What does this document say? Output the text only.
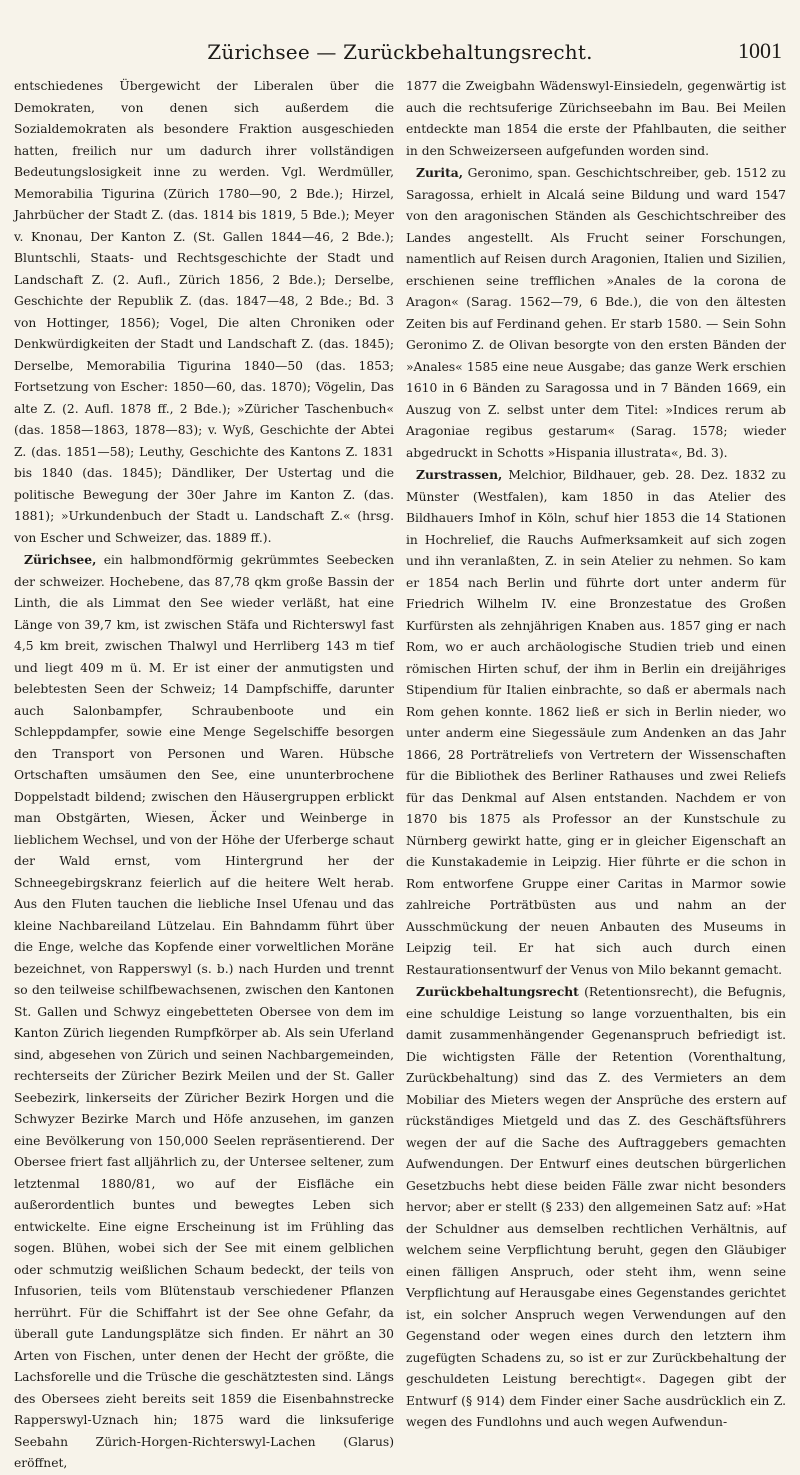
Zürichsee — Zurückbehaltungsrecht.	1001

entschiedenes Übergewicht der Liberalen über die Demokraten, von denen sich außerdem die Sozialdemokraten als besondere Fraktion ausgeschieden hatten, freilich nur um dadurch ihrer vollständigen Bedeutungslosigkeit inne zu werden. Vgl. Werdmüller, Memorabilia Tigurina (Zürich 1780—90, 2 Bde.); Hirzel, Jahrbücher der Stadt Z. (das. 1814 bis 1819, 5 Bde.); Meyer v. Knonau, Der Kanton Z. (St. Gallen 1844—46, 2 Bde.); Bluntschli, Staats- und Rechtsgeschichte der Stadt und Landschaft Z. (2. Aufl., Zürich 1856, 2 Bde.); Derselbe, Geschichte der Republik Z. (das. 1847—48, 2 Bde.; Bd. 3 von Hottinger, 1856); Vogel, Die alten Chroniken oder Denkwürdigkeiten der Stadt und Landschaft Z. (das. 1845); Derselbe, Memorabilia Tigurina 1840—50 (das. 1853; Fortsetzung von Escher: 1850—60, das. 1870); Vögelin, Das alte Z. (2. Aufl. 1878 ff., 2 Bde.); »Züricher Taschenbuch« (das. 1858—1863, 1878—83); v. Wyß, Geschichte der Abtei Z. (das. 1851—58); Leuthy, Geschichte des Kantons Z. 1831 bis 1840 (das. 1845); Dändliker, Der Ustertag und die politische Bewegung der 30er Jahre im Kanton Z. (das. 1881); »Urkundenbuch der Stadt u. Landschaft Z.« (hrsg. von Escher und Schweizer, das. 1889 ff.).

Zürichsee, ein halbmondförmig gekrümmtes Seebecken der schweizer. Hochebene, das 87,78 qkm große Bassin der Linth, die als Limmat den See wieder verläßt, hat eine Länge von 39,7 km, ist zwischen Stäfa und Richterswyl fast 4,5 km breit, zwischen Thalwyl und Herrliberg 143 m tief und liegt 409 m ü. M. Er ist einer der anmutigsten und belebtesten Seen der Schweiz; 14 Dampfschiffe, darunter auch Salonbampfer, Schraubenboote und ein Schleppdampfer, sowie eine Menge Segelschiffe besorgen den Transport von Personen und Waren. Hübsche Ortschaften umsäumen den See, eine ununterbrochene Doppelstadt bildend; zwischen den Häusergruppen erblickt man Obstgärten, Wiesen, Äcker und Weinberge in lieblichem Wechsel, und von der Höhe der Uferberge schaut der Wald ernst, vom Hintergrund her der Schneegebirgskranz feierlich auf die heitere Welt herab. Aus den Fluten tauchen die liebliche Insel Ufenau und das kleine Nachbareiland Lützelau. Ein Bahndamm führt über die Enge, welche das Kopfende einer vorweltlichen Moräne bezeichnet, von Rapperswyl (s. b.) nach Hurden und trennt so den teilweise schilfbewachsenen, zwischen den Kantonen St. Gallen und Schwyz eingebetteten Obersee von dem im Kanton Zürich liegenden Rumpfkörper ab. Als sein Uferland sind, abgesehen von Zürich und seinen Nachbargemeinden, rechterseits der Züricher Bezirk Meilen und der St. Galler Seebezirk, linkerseits der Züricher Bezirk Horgen und die Schwyzer Bezirke March und Höfe anzusehen, im ganzen eine Bevölkerung von 150,000 Seelen repräsentierend. Der Obersee friert fast alljährlich zu, der Untersee seltener, zum letztenmal 1880/81, wo auf der Eisfläche ein außerordentlich buntes und bewegtes Leben sich entwickelte. Eine eigne Erscheinung ist im Frühling das sogen. Blühen, wobei sich der See mit einem gelblichen oder schmutzig weißlichen Schaum bedeckt, der teils von Infusorien, teils vom Blütenstaub verschiedener Pflanzen herrührt. Für die Schiffahrt ist der See ohne Gefahr, da überall gute Landungsplätze sich finden. Er nährt an 30 Arten von Fischen, unter denen der Hecht der größte, die Lachsforelle und die Trüsche die geschätztesten sind. Längs des Obersees zieht bereits seit 1859 die Eisenbahnstrecke Rapperswyl-Uznach hin; 1875 ward die linksuferige Seebahn Zürich-Horgen-Richterswyl-Lachen (Glarus) eröffnet,

1877 die Zweigbahn Wädenswyl-Einsiedeln, gegenwärtig ist auch die rechtsuferige Zürichseebahn im Bau. Bei Meilen entdeckte man 1854 die erste der Pfahlbauten, die seither in den Schweizerseen aufgefunden worden sind.

Zurita, Geronimo, span. Geschichtschreiber, geb. 1512 zu Saragossa, erhielt in Alcalá seine Bildung und ward 1547 von den aragonischen Ständen als Geschichtschreiber des Landes angestellt. Als Frucht seiner Forschungen, namentlich auf Reisen durch Aragonien, Italien und Sizilien, erschienen seine trefflichen »Anales de la corona de Aragon« (Sarag. 1562—79, 6 Bde.), die von den ältesten Zeiten bis auf Ferdinand gehen. Er starb 1580. — Sein Sohn Geronimo Z. de Olivan besorgte von den ersten Bänden der »Anales« 1585 eine neue Ausgabe; das ganze Werk erschien 1610 in 6 Bänden zu Saragossa und in 7 Bänden 1669, ein Auszug von Z. selbst unter dem Titel: »Indices rerum ab Aragoniae regibus gestarum« (Sarag. 1578; wieder abgedruckt in Schotts »Hispania illustrata«, Bd. 3).

Zurstrassen, Melchior, Bildhauer, geb. 28. Dez. 1832 zu Münster (Westfalen), kam 1850 in das Atelier des Bildhauers Imhof in Köln, schuf hier 1853 die 14 Stationen in Hochrelief, die Rauchs Aufmerksamkeit auf sich zogen und ihn veranlaßten, Z. in sein Atelier zu nehmen. So kam er 1854 nach Berlin und führte dort unter anderm für Friedrich Wilhelm IV. eine Bronzestatue des Großen Kurfürsten als zehnjährigen Knaben aus. 1857 ging er nach Rom, wo er auch archäologische Studien trieb und einen römischen Hirten schuf, der ihm in Berlin ein dreijähriges Stipendium für Italien einbrachte, so daß er abermals nach Rom gehen konnte. 1862 ließ er sich in Berlin nieder, wo unter anderm eine Siegessäule zum Andenken an das Jahr 1866, 28 Porträtreliefs von Vertretern der Wissenschaften für die Bibliothek des Berliner Rathauses und zwei Reliefs für das Denkmal auf Alsen entstanden. Nachdem er von 1870 bis 1875 als Professor an der Kunstschule zu Nürnberg gewirkt hatte, ging er in gleicher Eigenschaft an die Kunstakademie in Leipzig. Hier führte er die schon in Rom entworfene Gruppe einer Caritas in Marmor sowie zahlreiche Porträtbüsten aus und nahm an der Ausschmückung der neuen Anbauten des Museums in Leipzig teil. Er hat sich auch durch einen Restaurationsentwurf der Venus von Milo bekannt gemacht.

Zurückbehaltungsrecht (Retentionsrecht), die Befugnis, eine schuldige Leistung so lange vorzuenthalten, bis ein damit zusammenhängender Gegenanspruch befriedigt ist. Die wichtigsten Fälle der Retention (Vorenthaltung, Zurückbehaltung) sind das Z. des Vermieters an dem Mobiliar des Mieters wegen der Ansprüche des erstern auf rückständiges Mietgeld und das Z. des Geschäftsführers wegen der auf die Sache des Auftraggebers gemachten Aufwendungen. Der Entwurf eines deutschen bürgerlichen Gesetzbuchs hebt diese beiden Fälle zwar nicht besonders hervor; aber er stellt (§ 233) den allgemeinen Satz auf: »Hat der Schuldner aus demselben rechtlichen Verhältnis, auf welchem seine Verpflichtung beruht, gegen den Gläubiger einen fälligen Anspruch, oder steht ihm, wenn seine Verpflichtung auf Herausgabe eines Gegenstandes gerichtet ist, ein solcher Anspruch wegen Verwendungen auf den Gegenstand oder wegen eines durch den letztern ihm zugefügten Schadens zu, so ist er zur Zurückbehaltung der geschuldeten Leistung berechtigt«. Dagegen gibt der Entwurf (§ 914) dem Finder einer Sache ausdrücklich ein Z. wegen des Fundlohns und auch wegen Aufwendun-
